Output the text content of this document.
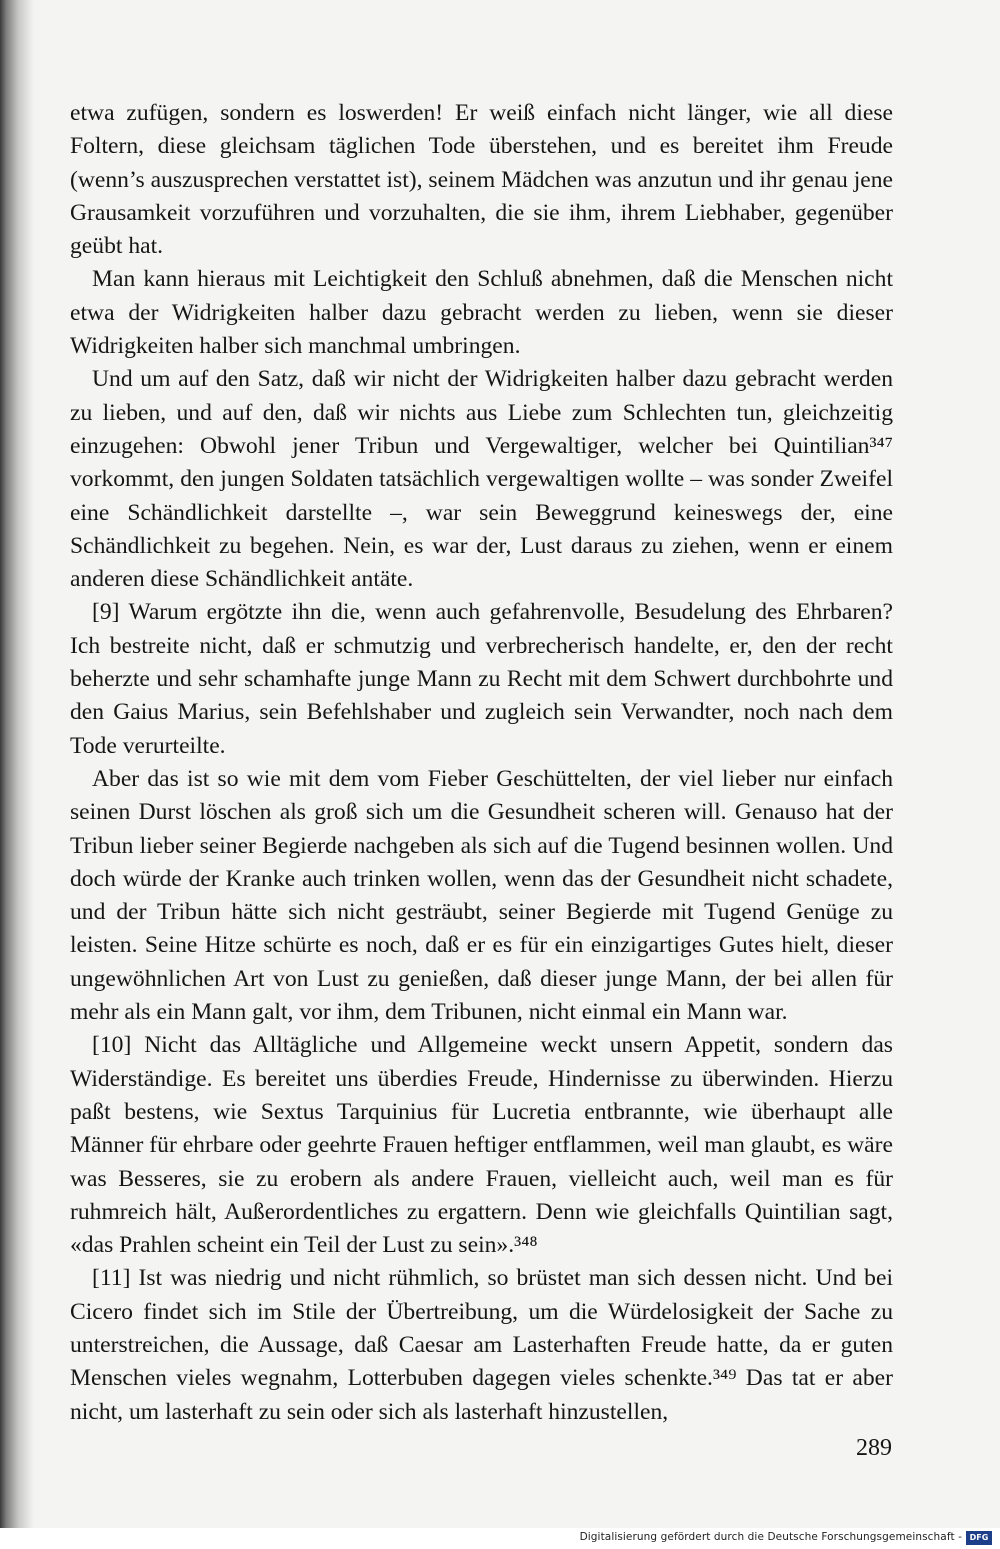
etwa zufügen, sondern es loswerden! Er weiß einfach nicht länger, wie all diese Foltern, diese gleichsam täglichen Tode überstehen, und es bereitet ihm Freude (wenn’s auszusprechen verstattet ist), seinem Mädchen was anzutun und ihr genau jene Grausamkeit vorzuführen und vorzuhalten, die sie ihm, ihrem Liebhaber, gegenüber geübt hat.

Man kann hieraus mit Leichtigkeit den Schluß abnehmen, daß die Menschen nicht etwa der Widrigkeiten halber dazu gebracht werden zu lieben, wenn sie dieser Widrigkeiten halber sich manchmal umbringen.

Und um auf den Satz, daß wir nicht der Widrigkeiten halber dazu gebracht werden zu lieben, und auf den, daß wir nichts aus Liebe zum Schlechten tun, gleichzeitig einzugehen: Obwohl jener Tribun und Vergewaltiger, welcher bei Quintilian³⁴⁷ vorkommt, den jungen Soldaten tatsächlich vergewaltigen wollte – was sonder Zweifel eine Schändlichkeit darstellte –, war sein Beweggrund keineswegs der, eine Schändlichkeit zu begehen. Nein, es war der, Lust daraus zu ziehen, wenn er einem anderen diese Schändlichkeit antäte.

[9] Warum ergötzte ihn die, wenn auch gefahrenvolle, Besudelung des Ehrbaren? Ich bestreite nicht, daß er schmutzig und verbrecherisch handelte, er, den der recht beherzte und sehr schamhafte junge Mann zu Recht mit dem Schwert durchbohrte und den Gaius Marius, sein Befehlshaber und zugleich sein Verwandter, noch nach dem Tode verurteilte.

Aber das ist so wie mit dem vom Fieber Geschüttelten, der viel lieber nur einfach seinen Durst löschen als groß sich um die Gesundheit scheren will. Genauso hat der Tribun lieber seiner Begierde nachgeben als sich auf die Tugend besinnen wollen. Und doch würde der Kranke auch trinken wollen, wenn das der Gesundheit nicht schadete, und der Tribun hätte sich nicht gesträubt, seiner Begierde mit Tugend Genüge zu leisten. Seine Hitze schürte es noch, daß er es für ein einzigartiges Gutes hielt, dieser ungewöhnlichen Art von Lust zu genießen, daß dieser junge Mann, der bei allen für mehr als ein Mann galt, vor ihm, dem Tribunen, nicht einmal ein Mann war.

[10] Nicht das Alltägliche und Allgemeine weckt unsern Appetit, sondern das Widerständige. Es bereitet uns überdies Freude, Hindernisse zu überwinden. Hierzu paßt bestens, wie Sextus Tarquinius für Lucretia entbrannte, wie überhaupt alle Männer für ehrbare oder geehrte Frauen heftiger entflammen, weil man glaubt, es wäre was Besseres, sie zu erobern als andere Frauen, vielleicht auch, weil man es für ruhmreich hält, Außerordentliches zu ergattern. Denn wie gleichfalls Quintilian sagt, «das Prahlen scheint ein Teil der Lust zu sein».³⁴⁸

[11] Ist was niedrig und nicht rühmlich, so brüstet man sich dessen nicht. Und bei Cicero findet sich im Stile der Übertreibung, um die Würdelosigkeit der Sache zu unterstreichen, die Aussage, daß Caesar am Lasterhaften Freude hatte, da er guten Menschen vieles wegnahm, Lotterbuben dagegen vieles schenkte.³⁴⁹ Das tat er aber nicht, um lasterhaft zu sein oder sich als lasterhaft hinzustellen,

289
Digitalisierung gefördert durch die Deutsche Forschungsgemeinschaft - DFG
